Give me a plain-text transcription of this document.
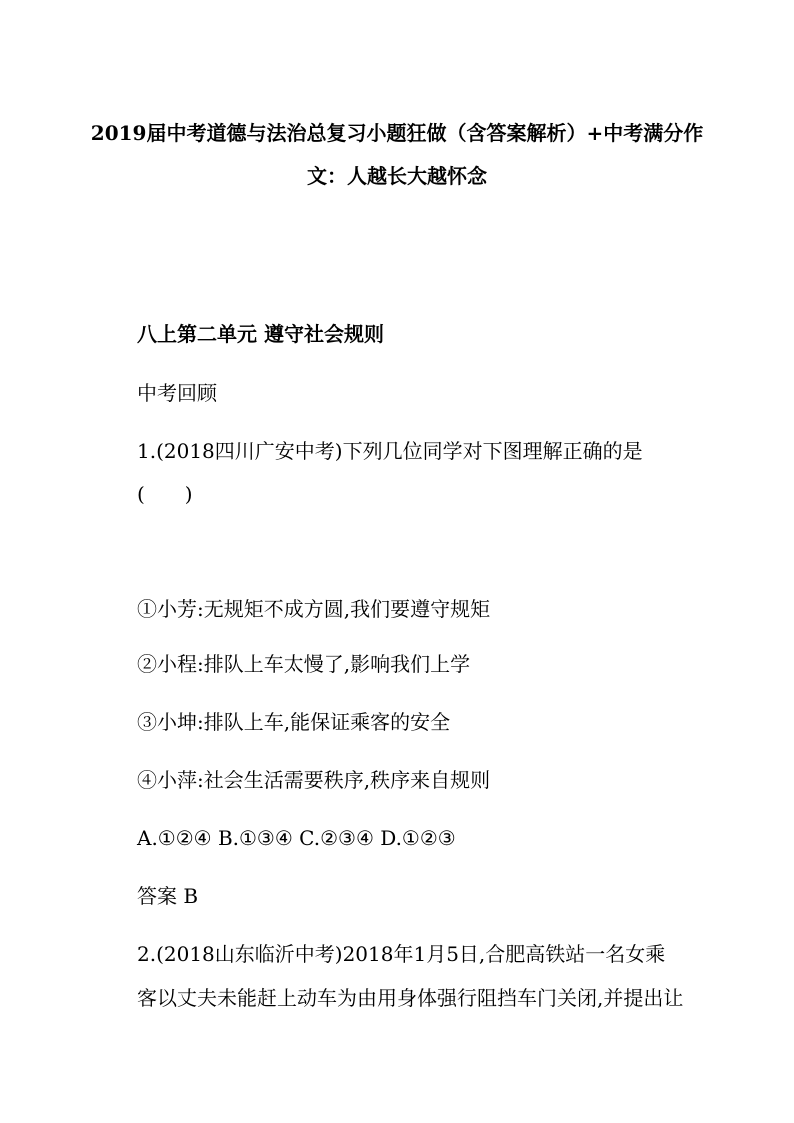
2019届中考道德与法治总复习小题狂做（含答案解析）+中考满分作
文：人越长大越怀念
八上第二单元 遵守社会规则
中考回顾
1.(2018四川广安中考)下列几位同学对下图理解正确的是
(　　)
①小芳:无规矩不成方圆,我们要遵守规矩
②小程:排队上车太慢了,影响我们上学
③小坤:排队上车,能保证乘客的安全
④小萍:社会生活需要秩序,秩序来自规则
A.①②④ B.①③④ C.②③④ D.①②③
答案 B
2.(2018山东临沂中考)2018年1月5日,合肥高铁站一名女乘
客以丈夫未能赶上动车为由用身体强行阻挡车门关闭,并提出让
